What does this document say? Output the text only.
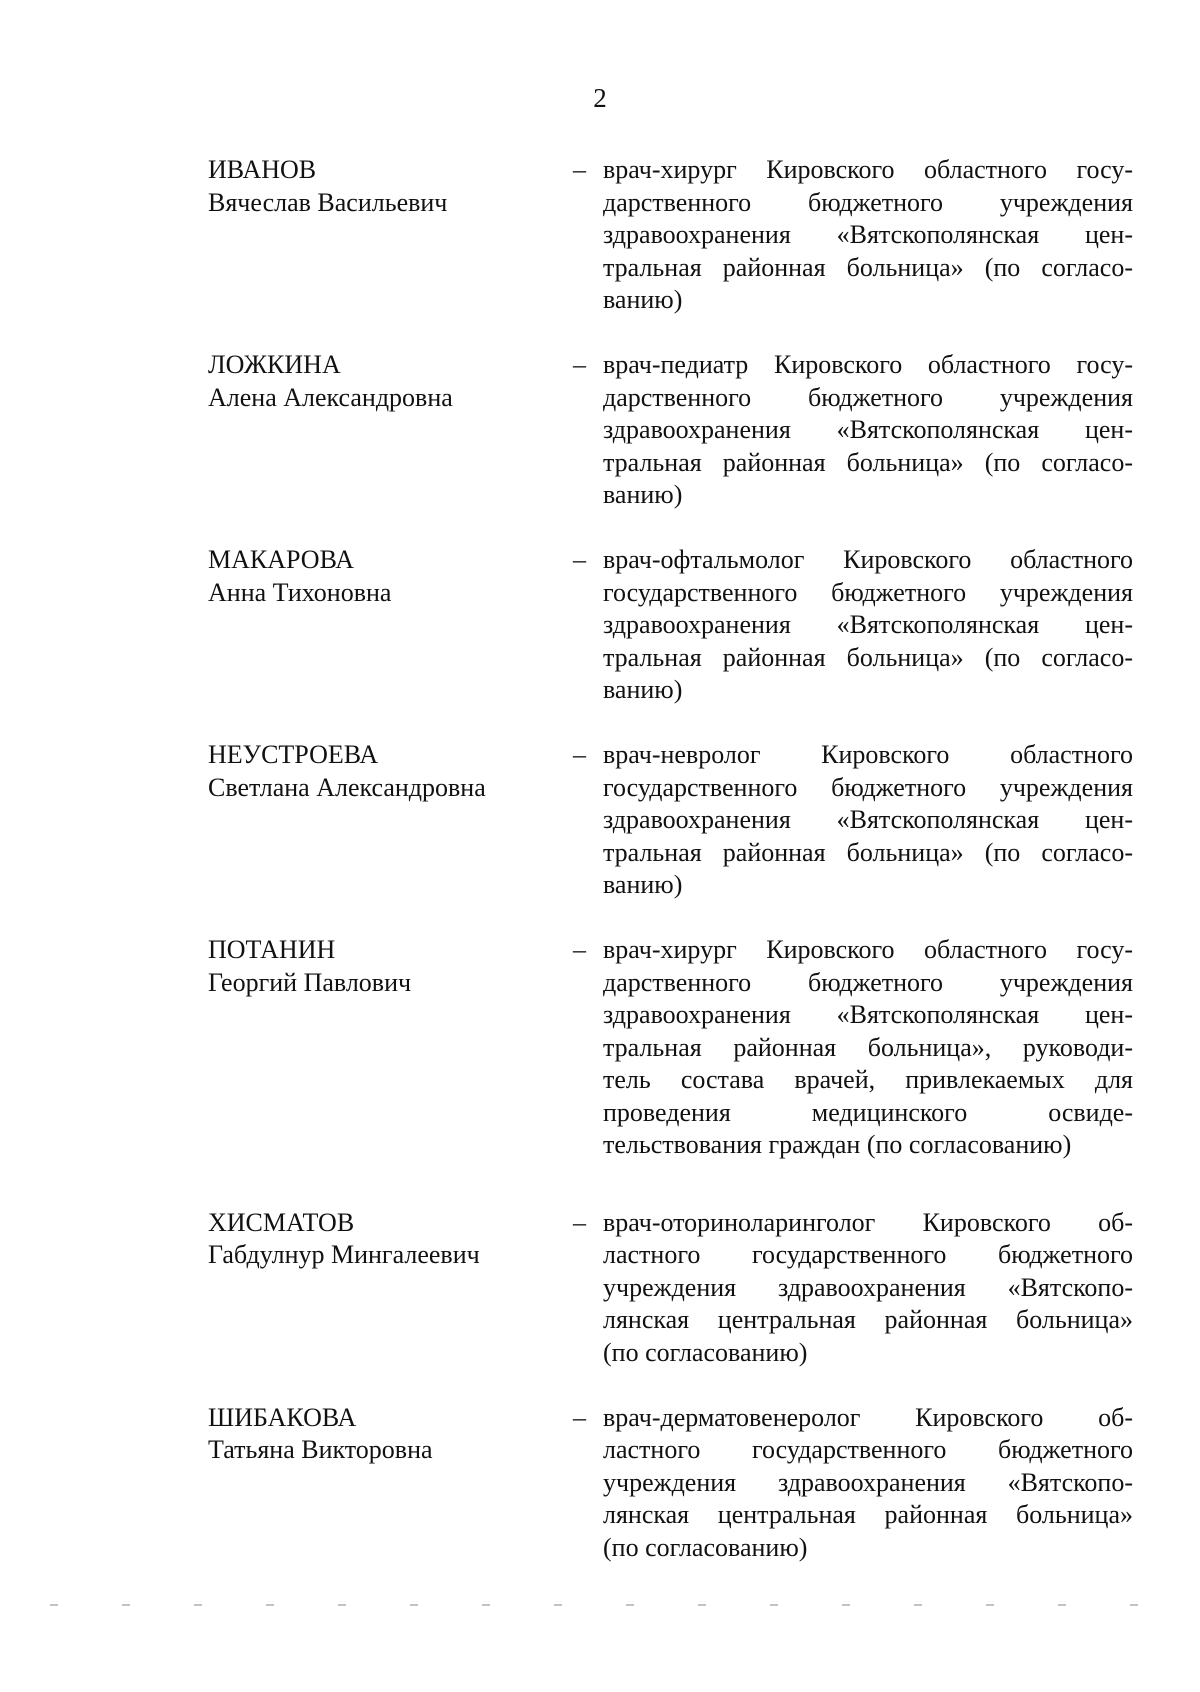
2
ИВАНОВ
Вячеслав Васильевич
– врач-хирург Кировского областного госу-
дарственного бюджетного учреждения
здравоохранения «Вятскополянская цен-
тральная районная больница» (по согласо-
ванию)
ЛОЖКИНА
Алена Александровна
– врач-педиатр Кировского областного госу-
дарственного бюджетного учреждения
здравоохранения «Вятскополянская цен-
тральная районная больница» (по согласо-
ванию)
МАКАРОВА
Анна Тихоновна
– врач-офтальмолог Кировского областного
государственного бюджетного учреждения
здравоохранения «Вятскополянская цен-
тральная районная больница» (по согласо-
ванию)
НЕУСТРОЕВА
Светлана Александровна
– врач-невролог Кировского областного
государственного бюджетного учреждения
здравоохранения «Вятскополянская цен-
тральная районная больница» (по согласо-
ванию)
ПОТАНИН
Георгий Павлович
– врач-хирург Кировского областного госу-
дарственного бюджетного учреждения
здравоохранения «Вятскополянская цен-
тральная районная больница», руководи-
тель состава врачей, привлекаемых для
проведения медицинского освиде-
тельствования граждан (по согласованию)
ХИСМАТОВ
Габдулнур Мингалеевич
– врач-оториноларинголог Кировского об-
ластного государственного бюджетного
учреждения здравоохранения «Вятскопо-
лянская центральная районная больница»
(по согласованию)
ШИБАКОВА
Татьяна Викторовна
– врач-дерматовенеролог Кировского об-
ластного государственного бюджетного
учреждения здравоохранения «Вятскопо-
лянская центральная районная больница»
(по согласованию)
